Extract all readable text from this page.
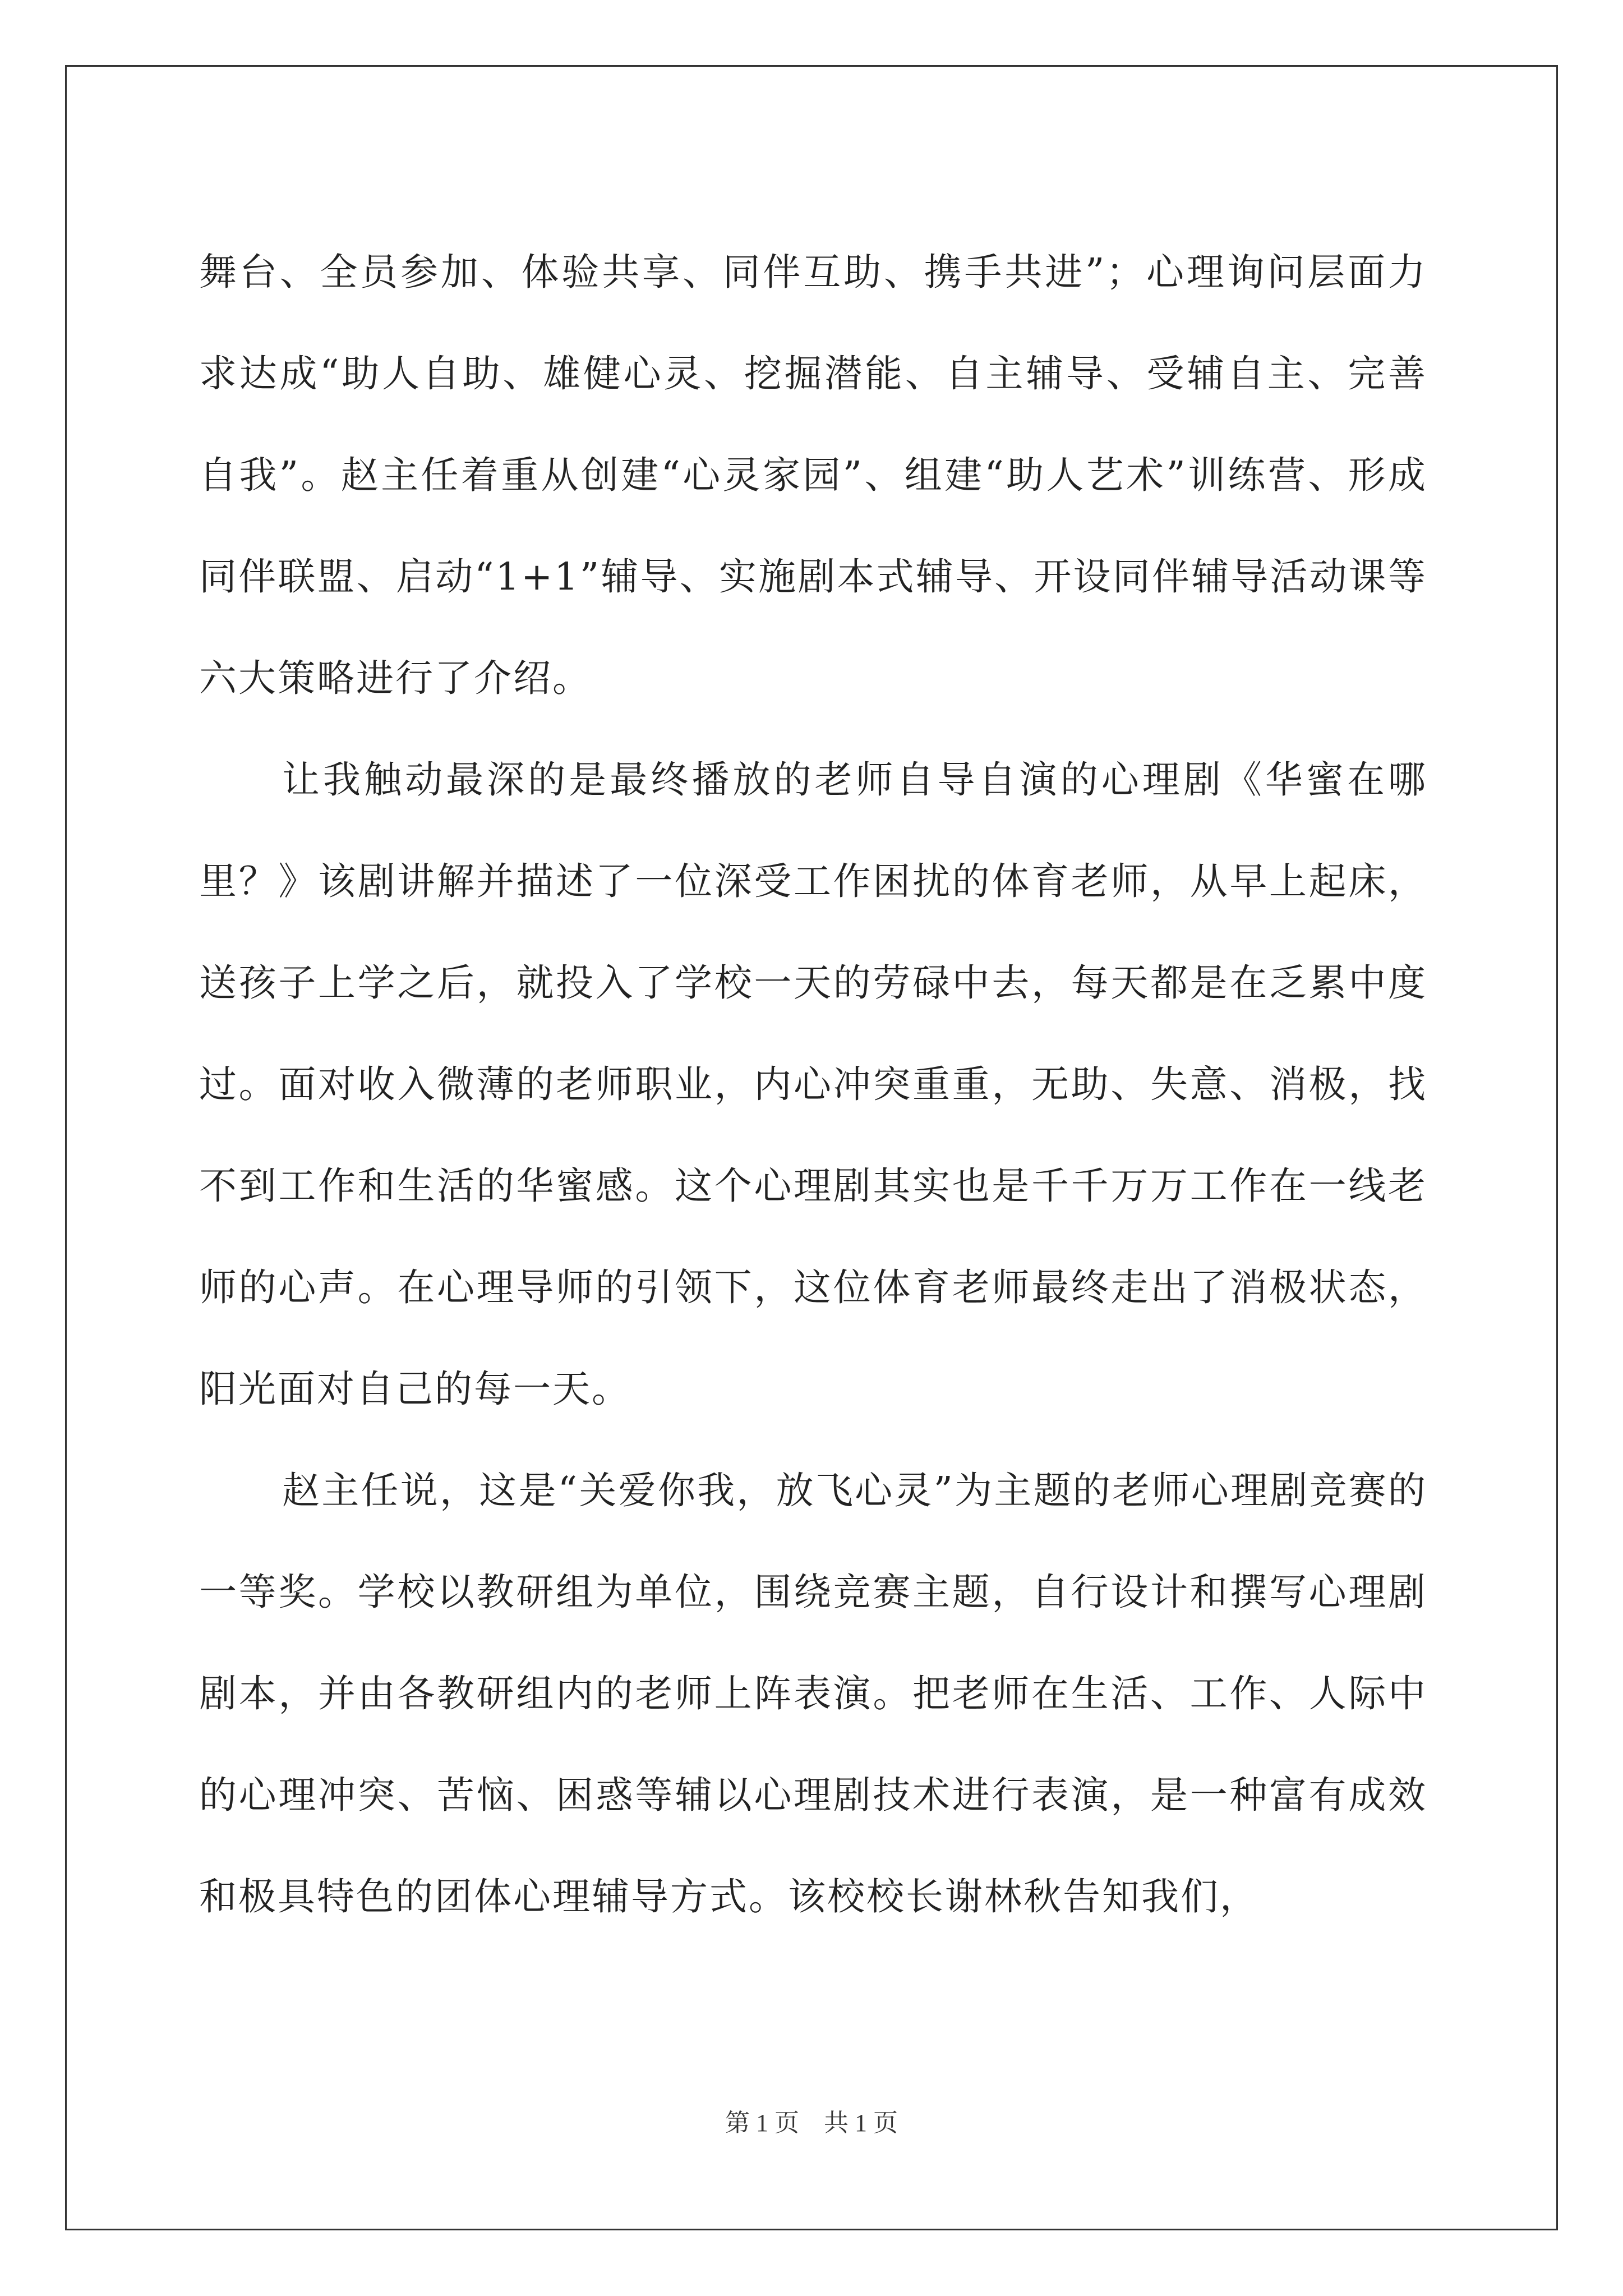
舞台、全员参加、体验共享、同伴互助、携手共进”；心理询问层面力求达成“助人自助、雄健心灵、挖掘潜能、自主辅导、受辅自主、完善自我”。赵主任着重从创建“心灵家园”、组建“助人艺术”训练营、形成同伴联盟、启动“1+1”辅导、实施剧本式辅导、开设同伴辅导活动课等六大策略进行了介绍。

让我触动最深的是最终播放的老师自导自演的心理剧《华蜜在哪里？》该剧讲解并描述了一位深受工作困扰的体育老师，从早上起床，送孩子上学之后，就投入了学校一天的劳碌中去，每天都是在乏累中度过。面对收入微薄的老师职业，内心冲突重重，无助、失意、消极，找不到工作和生活的华蜜感。这个心理剧其实也是千千万万工作在一线老师的心声。在心理导师的引领下，这位体育老师最终走出了消极状态，阳光面对自己的每一天。

赵主任说，这是“关爱你我，放飞心灵”为主题的老师心理剧竞赛的一等奖。学校以教研组为单位，围绕竞赛主题，自行设计和撰写心理剧剧本，并由各教研组内的老师上阵表演。把老师在生活、工作、人际中的心理冲突、苦恼、困惑等辅以心理剧技术进行表演，是一种富有成效和极具特色的团体心理辅导方式。该校校长谢林秋告知我们，

第 1 页　共 1 页
